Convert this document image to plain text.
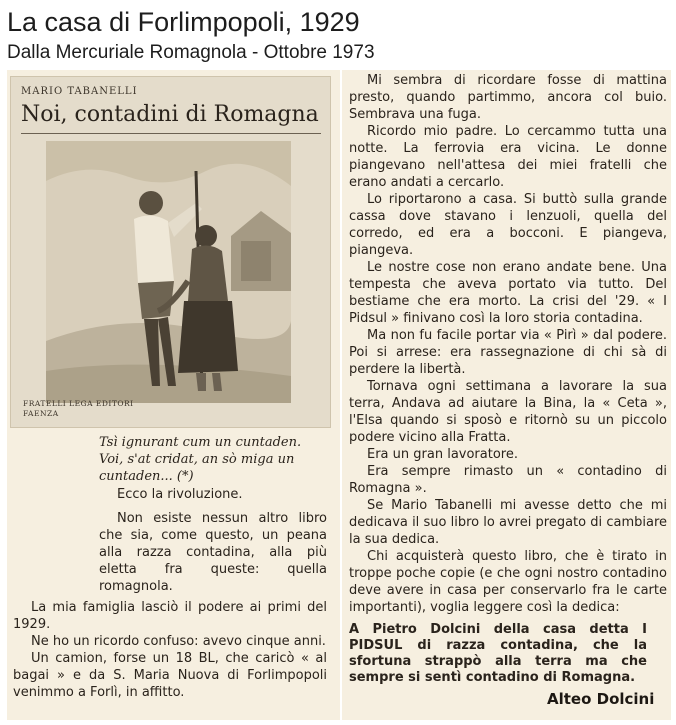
La casa di Forlimpopoli, 1929
Dalla Mercuriale Romagnola - Ottobre 1973
MARIO TABANELLI
Noi, contadini di Romagna
FRATELLI LEGA EDITORI
FAENZA
Tsì ignurant cum un cuntaden.
Voi, s'at cridat, an sò miga un
cuntaden... (*)

Ecco la rivoluzione.

Non esiste nessun altro libro che sia, come questo, un peana alla razza contadina, alla più eletta fra queste: quella romagnola.

La mia famiglia lasciò il podere ai primi del 1929.

Ne ho un ricordo confuso: avevo cinque anni.

Un camion, forse un 18 BL, che caricò « al bagai » e da S. Maria Nuova di Forlimpopoli venimmo a Forlì, in affitto.

Mi sembra di ricordare fosse di mattina presto, quando partimmo, ancora col buio. Sembrava una fuga.

Ricordo mio padre. Lo cercammo tutta una notte. La ferrovia era vicina. Le donne piangevano nell'attesa dei miei fratelli che erano andati a cercarlo.

Lo riportarono a casa. Si buttò sulla grande cassa dove stavano i lenzuoli, quella del corredo, ed era a bocconi. E piangeva, piangeva.

Le nostre cose non erano andate bene. Una tempesta che aveva portato via tutto. Del bestiame che era morto. La crisi del '29. « I Pidsul » finivano così la loro storia contadina.

Ma non fu facile portar via « Pirì » dal podere. Poi si arrese: era rassegnazione di chi sà di perdere la libertà.

Tornava ogni settimana a lavorare la sua terra, Andava ad aiutare la Bina, la « Ceta », l'Elsa quando si sposò e ritornò su un piccolo podere vicino alla Fratta.

Era un gran lavoratore.

Era sempre rimasto un « contadino di Romagna ».

Se Mario Tabanelli mi avesse detto che mi dedicava il suo libro lo avrei pregato di cambiare la sua dedica.

Chi acquisterà questo libro, che è tirato in troppe poche copie (e che ogni nostro contadino deve avere in casa per conservarlo fra le carte importanti), voglia leggere così la dedica:

A Pietro Dolcini della casa detta I PIDSUL di razza contadina, che la sfortuna strappò alla terra ma che sempre si sentì contadino di Romagna.

Alteo Dolcini
